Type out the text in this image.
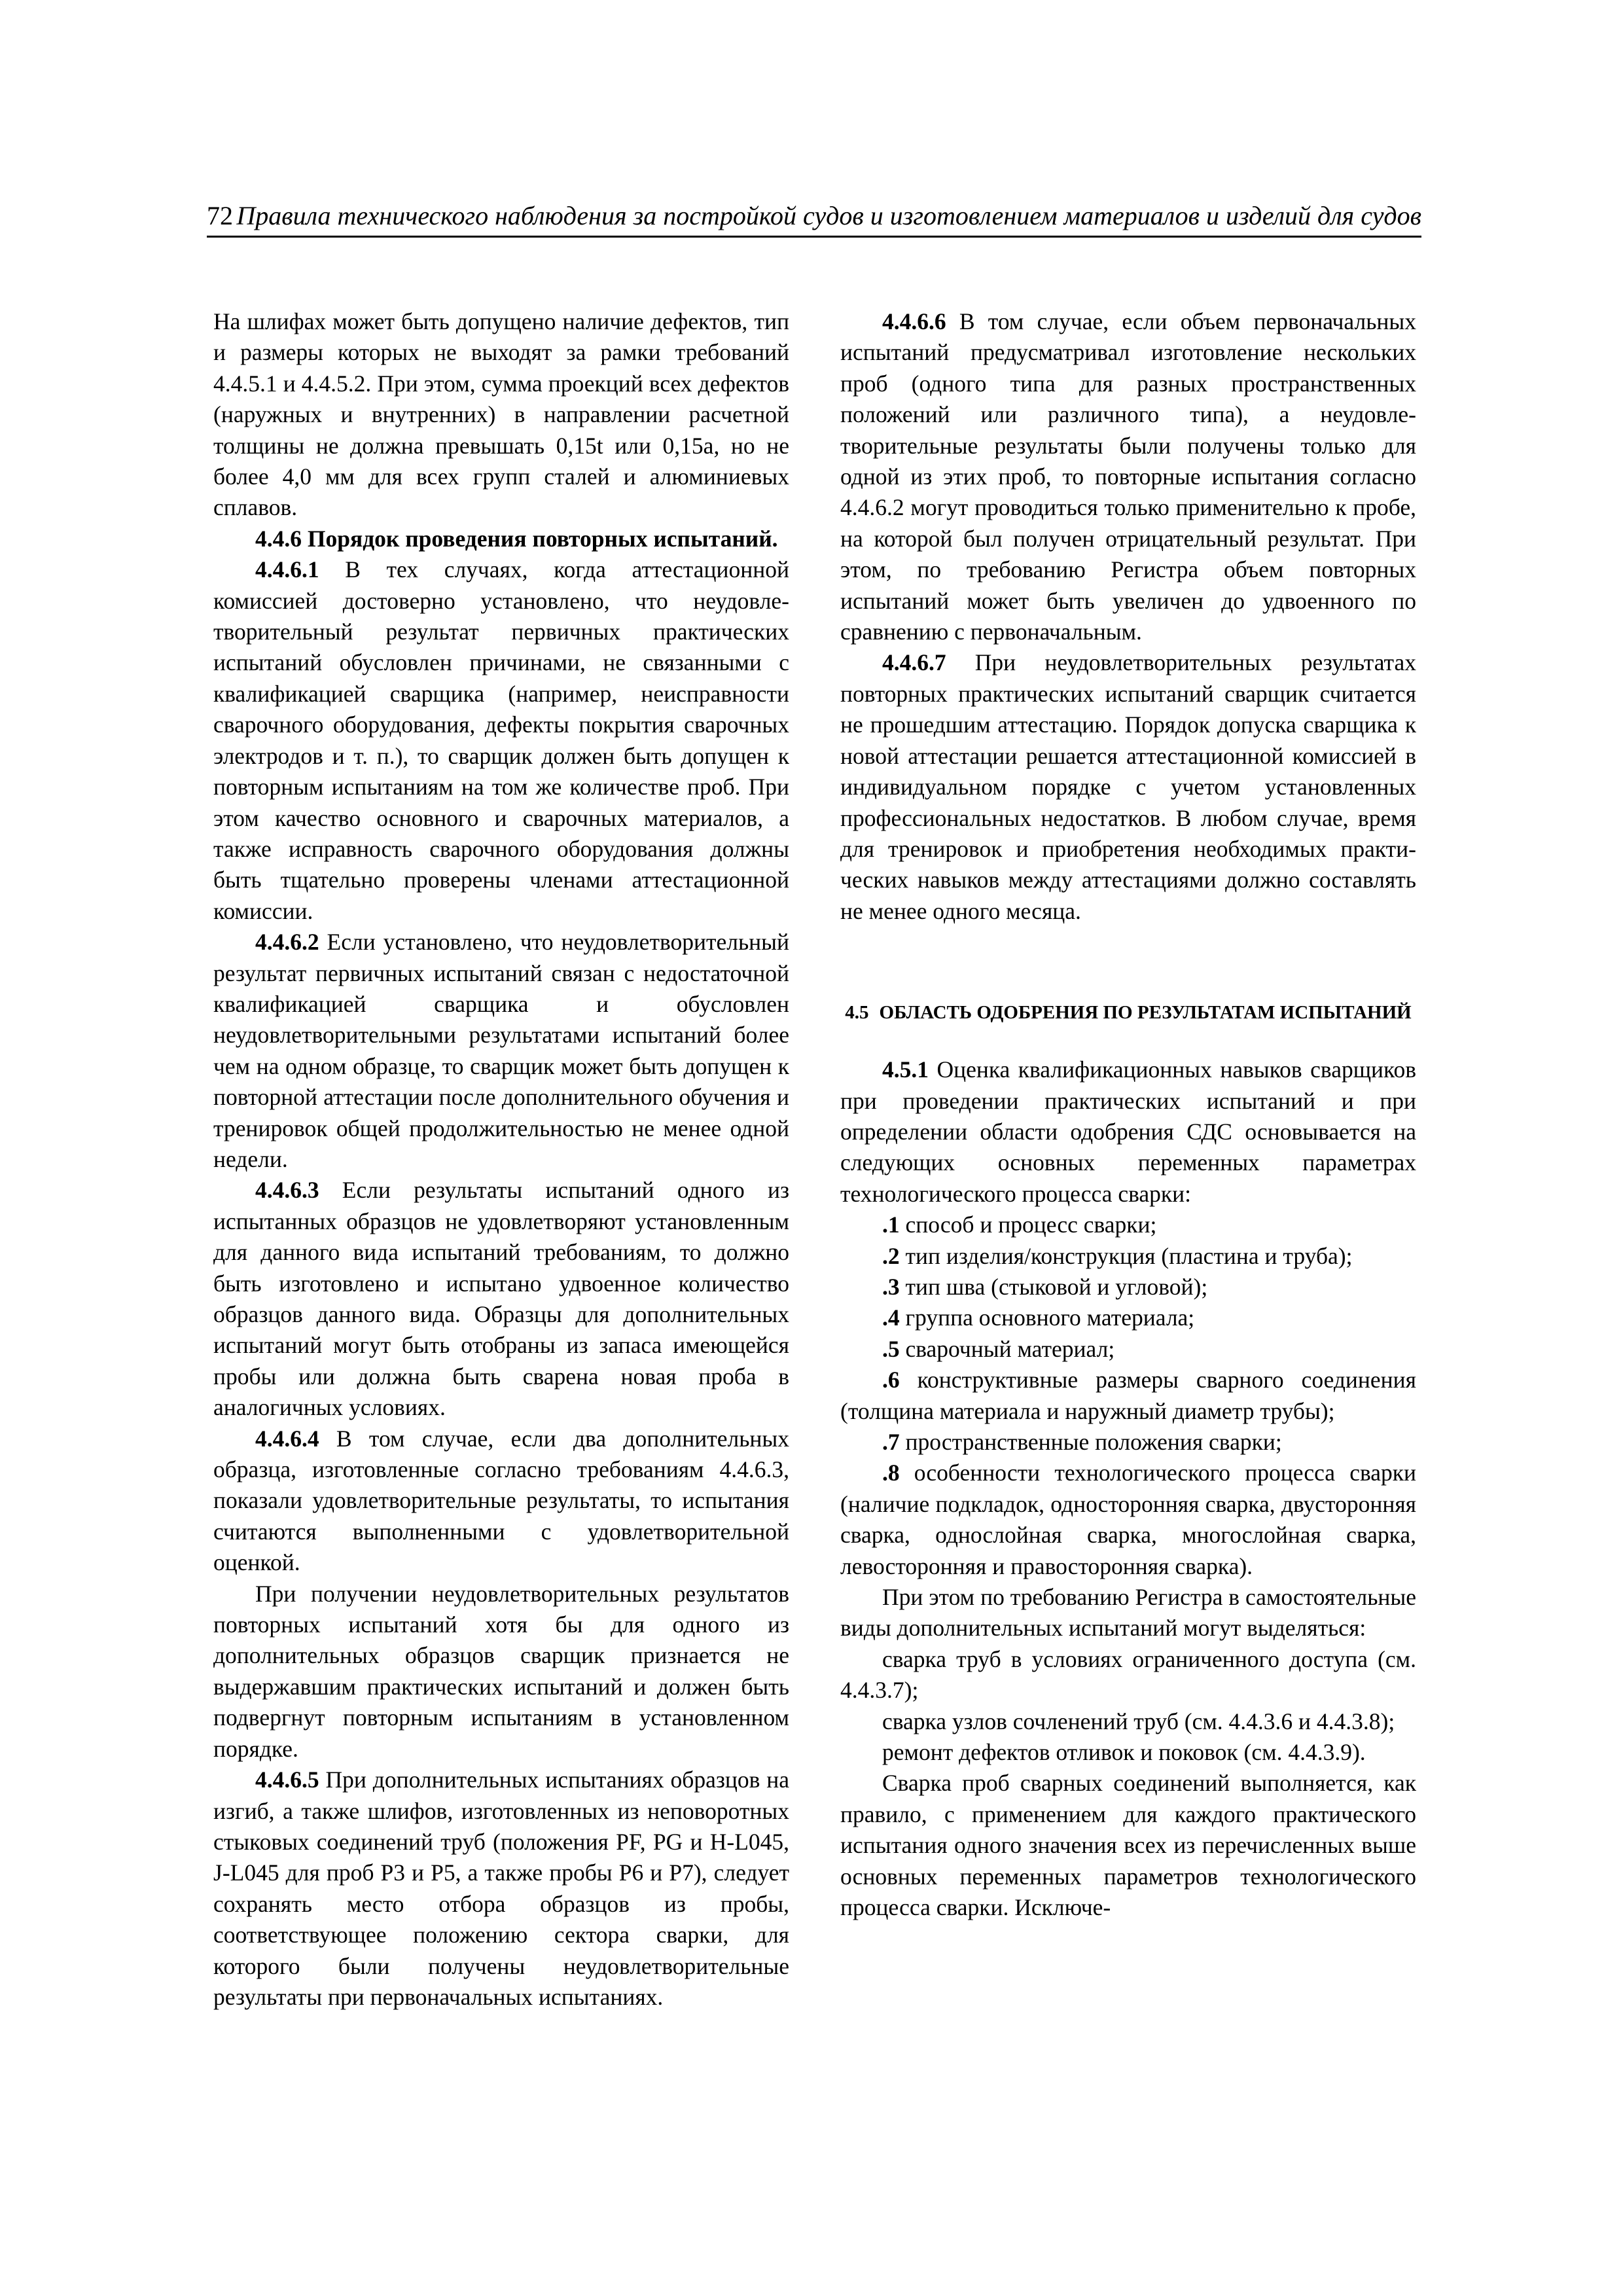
72 Правила технического наблюдения за постройкой судов и изготовлением материалов и изделий для судов

На шлифах может быть допущено наличие дефектов, тип и размеры которых не выходят за рамки требований 4.4.5.1 и 4.4.5.2. При этом, сумма проекций всех дефектов (наружных и внутренних) в направлении расчетной толщины не должна превышать 0,15t или 0,15a, но не более 4,0 мм для всех групп сталей и алюминиевых сплавов.

4.4.6 Порядок проведения повторных испытаний.

4.4.6.1 В тех случаях, когда аттестационной комиссией достоверно установлено, что неудовлетворительный результат первичных практических испытаний обусловлен причинами, не связанными с квалификацией сварщика (например, неисправности сварочного оборудования, дефекты покрытия сварочных электродов и т. п.), то сварщик должен быть допущен к повторным испытаниям на том же количестве проб. При этом качество основного и сварочных материалов, а также исправность сварочного оборудования должны быть тщательно проверены членами аттестационной комиссии.

4.4.6.2 Если установлено, что неудовлетворительный результат первичных испытаний связан с недостаточной квалификацией сварщика и обусловлен неудовлетворительными результатами испытаний более чем на одном образце, то сварщик может быть допущен к повторной аттестации после дополнительного обучения и тренировок общей продолжительностью не менее одной недели.

4.4.6.3 Если результаты испытаний одного из испытанных образцов не удовлетворяют установленным для данного вида испытаний требованиям, то должно быть изготовлено и испытано удвоенное количество образцов данного вида. Образцы для дополнительных испытаний могут быть отобраны из запаса имеющейся пробы или должна быть сварена новая проба в аналогичных условиях.

4.4.6.4 В том случае, если два дополнительных образца, изготовленные согласно требованиям 4.4.6.3, показали удовлетворительные результаты, то испытания считаются выполненными с удовлетворительной оценкой.

При получении неудовлетворительных результатов повторных испытаний хотя бы для одного из дополнительных образцов сварщик признается не выдержавшим практических испытаний и должен быть подвергнут повторным испытаниям в установленном порядке.

4.4.6.5 При дополнительных испытаниях образцов на изгиб, а также шлифов, изготовленных из неповоротных стыковых соединений труб (положения PF, PG и H-L045, J-L045 для проб P3 и P5, а также пробы P6 и P7), следует сохранять место отбора образцов из пробы, соответствующее положению сектора сварки, для которого были получены неудовлетворительные результаты при первоначальных испытаниях.

4.4.6.6 В том случае, если объем первоначальных испытаний предусматривал изготовление нескольких проб (одного типа для разных пространственных положений или различного типа), а неудовлетворительные результаты были получены только для одной из этих проб, то повторные испытания согласно 4.4.6.2 могут проводиться только применительно к пробе, на которой был получен отрицательный результат. При этом, по требованию Регистра объем повторных испытаний может быть увеличен до удвоенного по сравнению с первоначальным.

4.4.6.7 При неудовлетворительных результатах повторных практических испытаний сварщик считается не прошедшим аттестацию. Порядок допуска сварщика к новой аттестации решается аттестационной комиссией в индивидуальном порядке с учетом установленных профессиональных недостатков. В любом случае, время для тренировок и приобретения необходимых практических навыков между аттестациями должно составлять не менее одного месяца.

4.5 ОБЛАСТЬ ОДОБРЕНИЯ ПО РЕЗУЛЬТАТАМ ИСПЫТАНИЙ

4.5.1 Оценка квалификационных навыков сварщиков при проведении практических испытаний и при определении области одобрения СДС основывается на следующих основных переменных параметрах технологического процесса сварки:

.1 способ и процесс сварки;

.2 тип изделия/конструкция (пластина и труба);

.3 тип шва (стыковой и угловой);

.4 группа основного материала;

.5 сварочный материал;

.6 конструктивные размеры сварного соединения (толщина материала и наружный диаметр трубы);

.7 пространственные положения сварки;

.8 особенности технологического процесса сварки (наличие подкладок, односторонняя сварка, двусторонняя сварка, однослойная сварка, многослойная сварка, левосторонняя и правосторонняя сварка).

При этом по требованию Регистра в самостоятельные виды дополнительных испытаний могут выделяться:

сварка труб в условиях ограниченного доступа (см. 4.4.3.7);

сварка узлов сочленений труб (см. 4.4.3.6 и 4.4.3.8);

ремонт дефектов отливок и поковок (см. 4.4.3.9).

Сварка проб сварных соединений выполняется, как правило, с применением для каждого практического испытания одного значения всех из перечисленных выше основных переменных параметров технологического процесса сварки. Исключе-
